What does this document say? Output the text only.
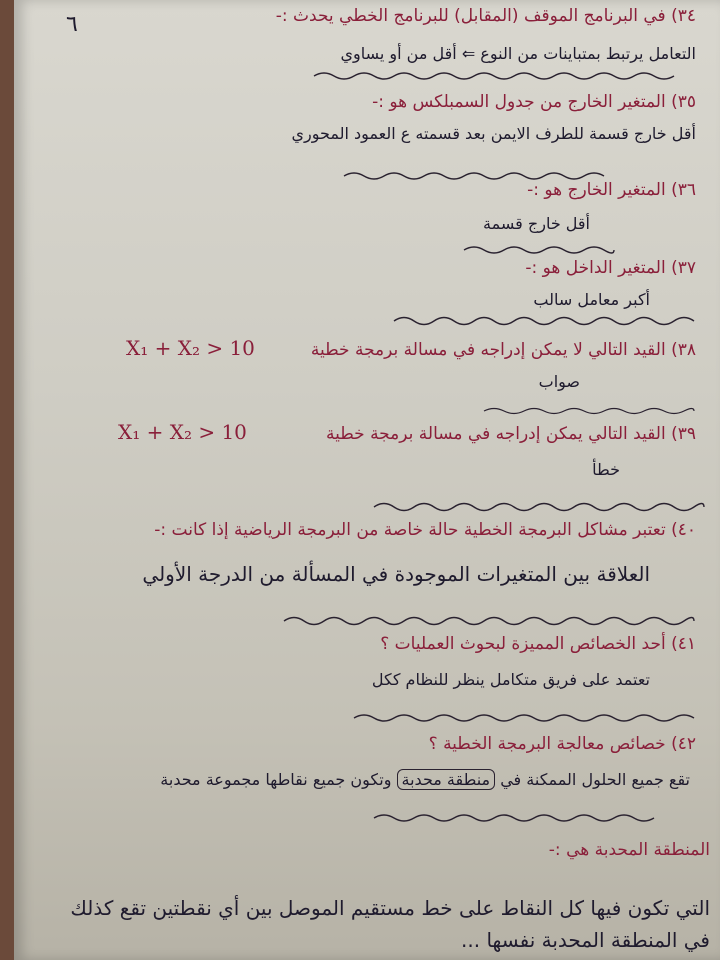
٦	٣٤) في البرنامج الموقف (المقابل) للبرنامج الخطي يحدث :-
التعامل يرتبط بمتباينات من النوع ⇐ أقل من أو يساوي
٣٥) المتغير الخارج من جدول السمبلكس هو :-
أقل خارج قسمة للطرف الايمن بعد قسمته ع العمود المحوري
٣٦) المتغير الخارج هو :-
أقل خارج قسمة
٣٧) المتغير الداخل هو :-
أكبر معامل سالب
٣٨) القيد التالي لا يمكن إدراجه في مسالة برمجة خطية
X₁ + X₂ > 10
صواب
٣٩) القيد التالي يمكن إدراجه في مسالة برمجة خطية
X₁ + X₂ > 10
خطأ
٤٠) تعتبر مشاكل البرمجة الخطية حالة خاصة من البرمجة الرياضية إذا كانت :-
العلاقة بين المتغيرات الموجودة في المسألة من الدرجة الأولي
٤١) أحد الخصائص المميزة لبحوث العمليات ؟
تعتمد على فريق متكامل ينظر للنظام ككل
٤٢) خصائص معالجة البرمجة الخطية ؟
تقع جميع الحلول الممكنة في منطقة محدبة وتكون جميع نقاطها مجموعة محدبة
المنطقة المحدبة هي :-
التي تكون فيها كل النقاط على خط مستقيم الموصل بين أي نقطتين تقع كذلك
في المنطقة المحدبة نفسها ...
